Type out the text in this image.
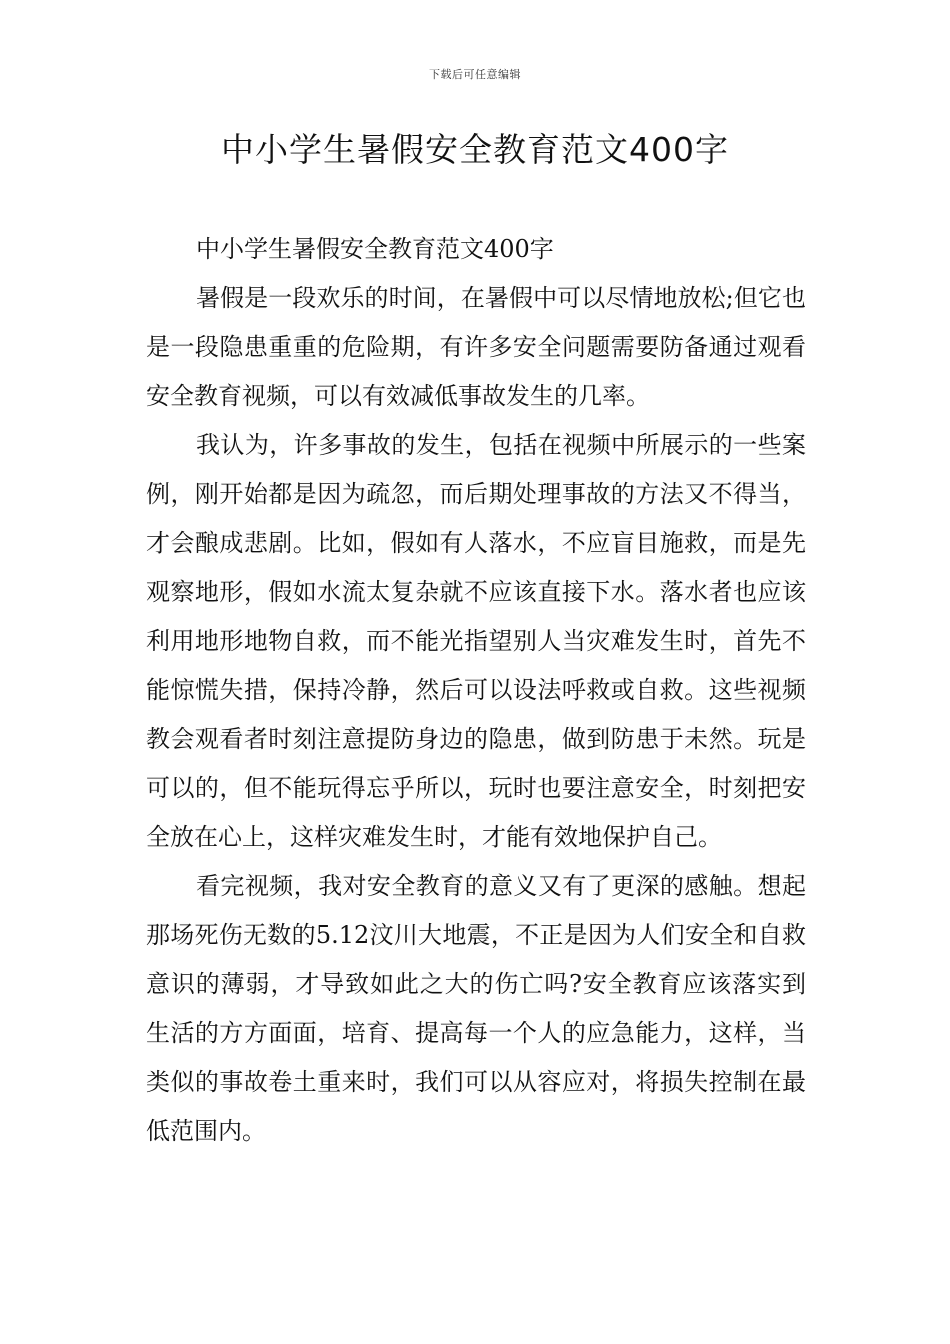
下载后可任意编辑
中小学生暑假安全教育范文400字

中小学生暑假安全教育范文400字

暑假是一段欢乐的时间，在暑假中可以尽情地放松;但它也是一段隐患重重的危险期，有许多安全问题需要防备通过观看安全教育视频，可以有效减低事故发生的几率。

我认为，许多事故的发生，包括在视频中所展示的一些案例，刚开始都是因为疏忽，而后期处理事故的方法又不得当，才会酿成悲剧。比如，假如有人落水，不应盲目施救，而是先观察地形，假如水流太复杂就不应该直接下水。落水者也应该利用地形地物自救，而不能光指望别人当灾难发生时，首先不能惊慌失措，保持冷静，然后可以设法呼救或自救。这些视频教会观看者时刻注意提防身边的隐患，做到防患于未然。玩是可以的，但不能玩得忘乎所以，玩时也要注意安全，时刻把安全放在心上，这样灾难发生时，才能有效地保护自己。

看完视频，我对安全教育的意义又有了更深的感触。想起那场死伤无数的5.12汶川大地震，不正是因为人们安全和自救意识的薄弱，才导致如此之大的伤亡吗?安全教育应该落实到生活的方方面面，培育、提高每一个人的应急能力，这样，当类似的事故卷土重来时，我们可以从容应对，将损失控制在最低范围内。
